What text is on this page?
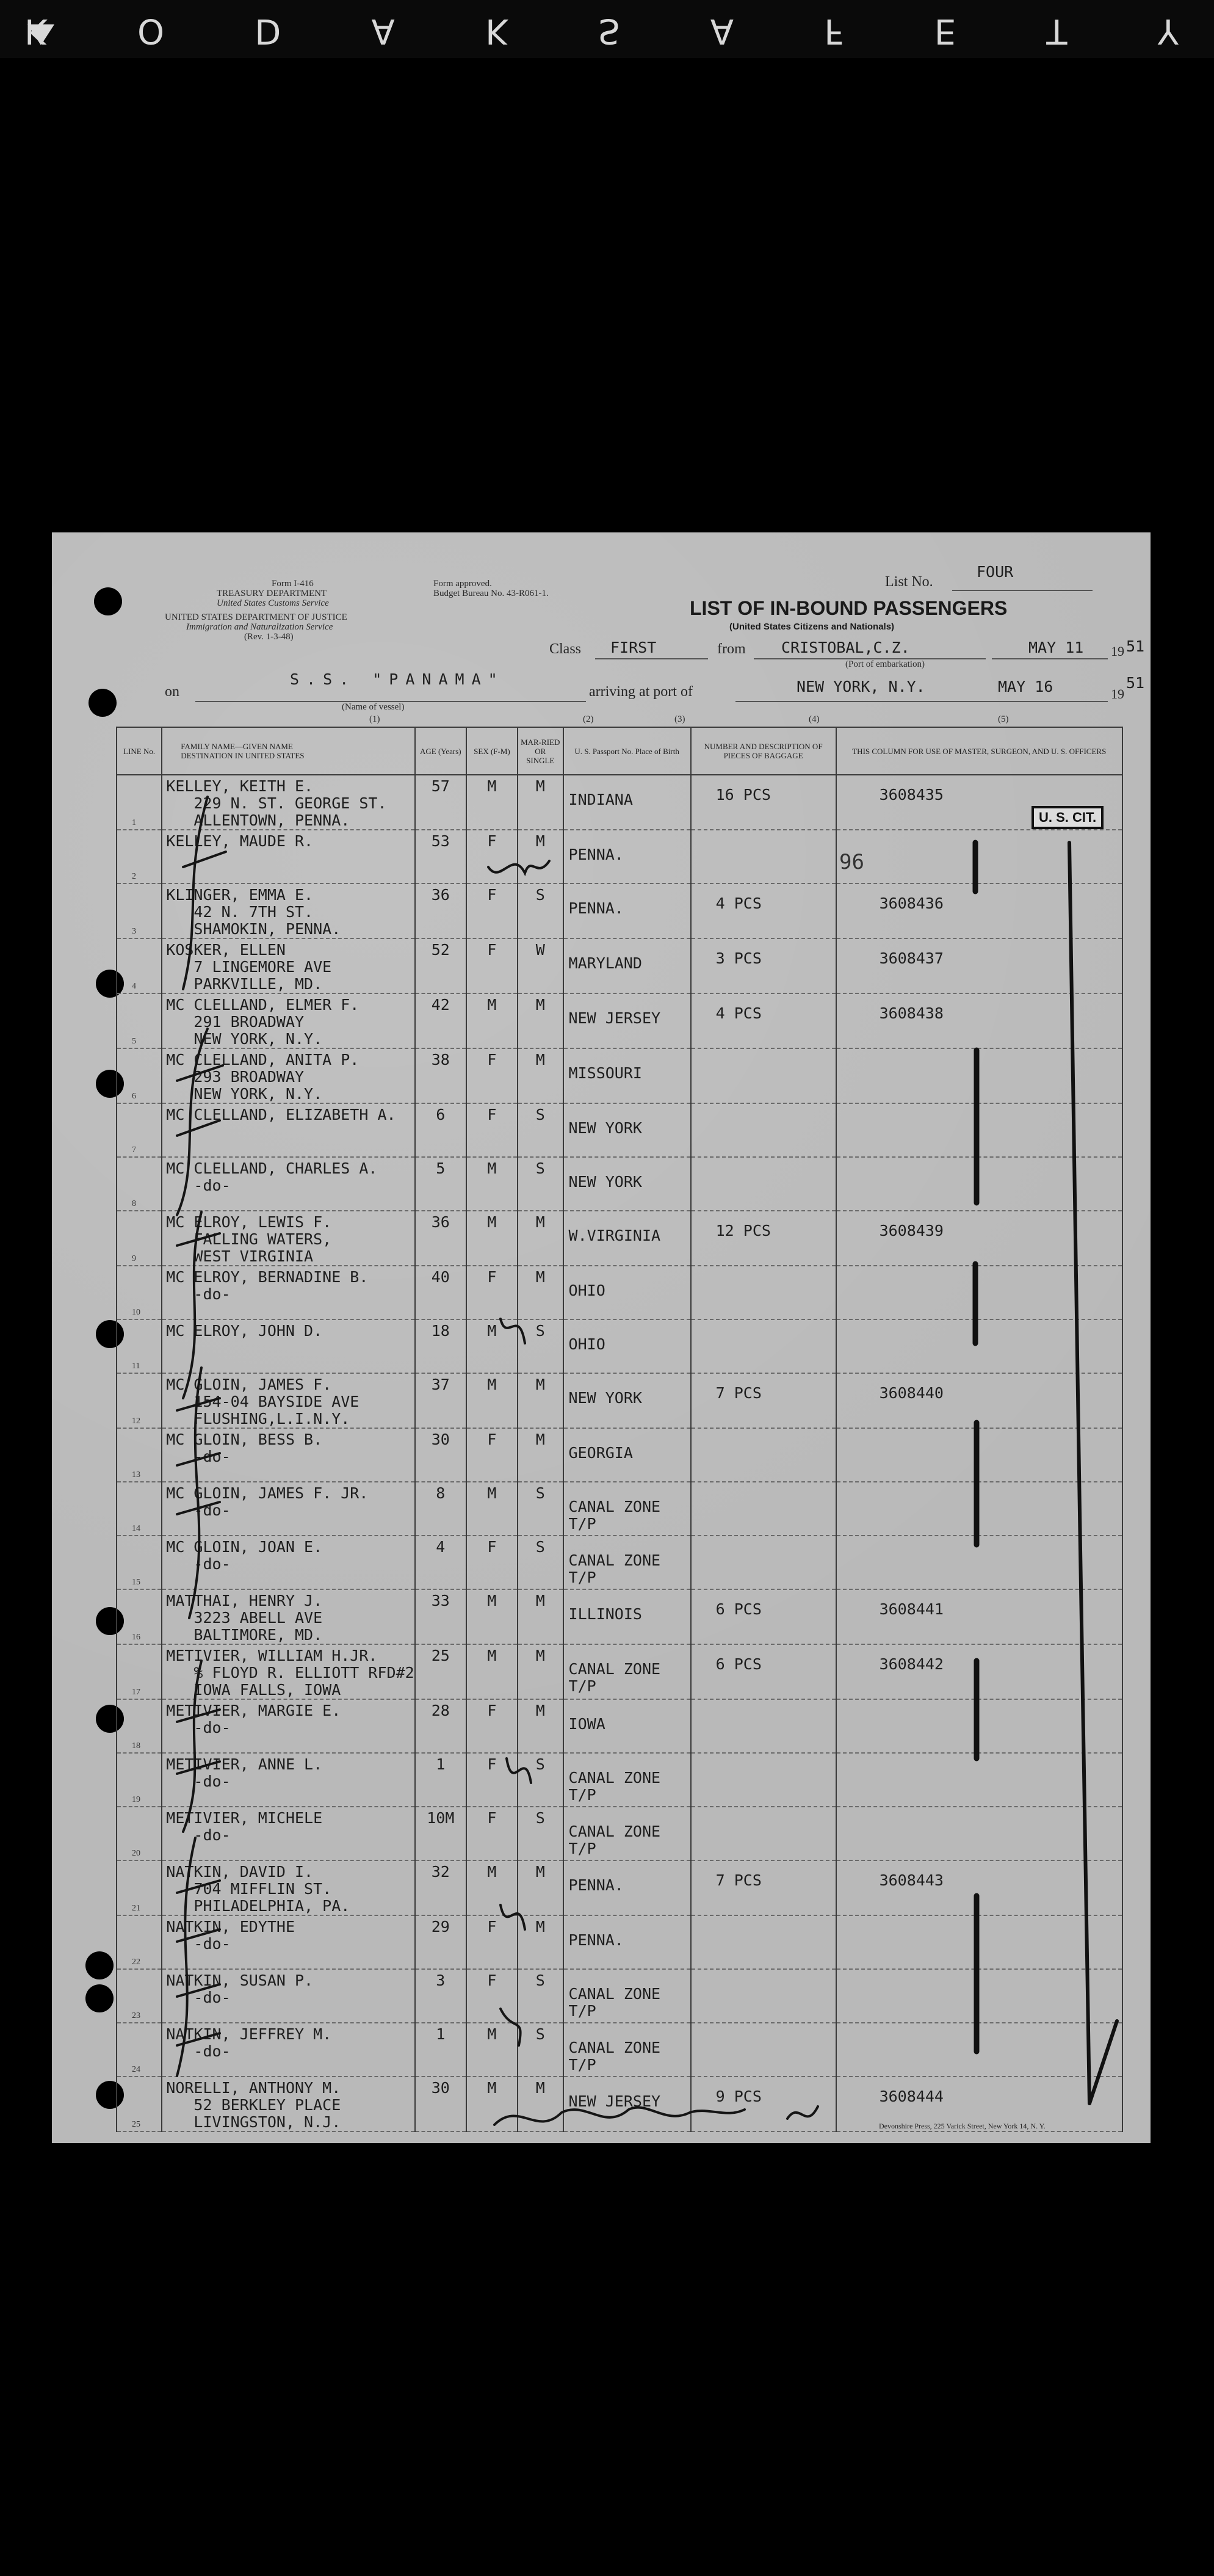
K O D A K S A F E T Y
Form I-416
TREASURY DEPARTMENT
United States Customs Service
UNITED STATES DEPARTMENT OF JUSTICE
Immigration and Naturalization Service
(Rev. 1-3-48)
Form approved.
Budget Bureau No. 43-R061-1.
List No.
FOUR
LIST OF IN-BOUND PASSENGERS
(United States Citizens and Nationals)
Class FIRST	from CRISTOBAL,C.Z.
(Port of embarkation)
MAY 11 19 51
on
S.S. "PANAMA"
(Name of vessel)
arriving at port of	NEW YORK, N.Y.	MAY 16	19
51
(1)	(2)	(3)	(4)	(5)
LINE No.	FAMILY NAME—GIVEN NAME
DESTINATION IN UNITED STATES	AGE (Years)	SEX (F-M)	MAR-RIED OR SINGLE	U. S. Passport No. Place of Birth	NUMBER AND DESCRIPTION OF PIECES OF BAGGAGE	THIS COLUMN FOR USE OF MASTER, SURGEON, AND U. S. OFFICERS

1	KELLEY, KEITH E.
229 N. ST. GEORGE ST.
ALLENTOWN, PENNA.	57	M	M	INDIANA	16 PCS	3608435

2	KELLEY, MAUDE R.	53	F	M	PENNA.		

3	KLINGER, EMMA E.
42 N. 7TH ST.
SHAMOKIN, PENNA.	36	F	S	PENNA.	4 PCS	3608436

4	KOSKER, ELLEN
7 LINGEMORE AVE
PARKVILLE, MD.	52	F	W	MARYLAND	3 PCS	3608437

5	MC CLELLAND, ELMER F.
291 BROADWAY
NEW YORK, N.Y.	42	M	M	NEW JERSEY	4 PCS	3608438

6	MC CLELLAND, ANITA P.
293 BROADWAY
NEW YORK, N.Y.	38	F	M	MISSOURI		

7	MC CLELLAND, ELIZABETH A.	6	F	S	NEW YORK		

8	MC CLELLAND, CHARLES A.
-do-	5	M	S	NEW YORK		

9	MC ELROY, LEWIS F.
FALLING WATERS,
WEST VIRGINIA	36	M	M	W.VIRGINIA	12 PCS	3608439

10	MC ELROY, BERNADINE B.
-do-	40	F	M	OHIO		

11	MC ELROY, JOHN D.	18	M	S	OHIO		

12	MC GLOIN, JAMES F.
154-04 BAYSIDE AVE
FLUSHING,L.I.N.Y.	37	M	M	NEW YORK	7 PCS	3608440

13	MC GLOIN, BESS B.
-do-	30	F	M	GEORGIA		

14	MC GLOIN, JAMES F. JR.
-do-	8	M	S	CANAL ZONE
T/P		

15	MC GLOIN, JOAN E.
-do-	4	F	S	CANAL ZONE
T/P		

16	MATTHAI, HENRY J.
3223 ABELL AVE
BALTIMORE, MD.	33	M	M	ILLINOIS	6 PCS	3608441

17	METIVIER, WILLIAM H.JR.
% FLOYD R. ELLIOTT RFD#2
IOWA FALLS, IOWA	25	M	M	CANAL ZONE
T/P	6 PCS	3608442

18	METIVIER, MARGIE E.
-do-	28	F	M	IOWA		

19	METIVIER, ANNE L.
-do-	1	F	S	CANAL ZONE
T/P		

20	METIVIER, MICHELE
-do-	10M	F	S	CANAL ZONE
T/P		

21	NATKIN, DAVID I.
704 MIFFLIN ST.
PHILADELPHIA, PA.	32	M	M	PENNA.	7 PCS	3608443

22	NATKIN, EDYTHE
-do-	29	F	M	PENNA.		

23	NATKIN, SUSAN P.
-do-	3	F	S	CANAL ZONE
T/P		

24	NATKIN, JEFFREY M.
-do-	1	M	S	CANAL ZONE
T/P		

25	NORELLI, ANTHONY M.
52 BERKLEY PLACE
LIVINGSTON, N.J.	30	M	M	NEW JERSEY	9 PCS	3608444
U. S. CIT.
96
Devonshire Press, 225 Varick Street, New York 14, N. Y.
